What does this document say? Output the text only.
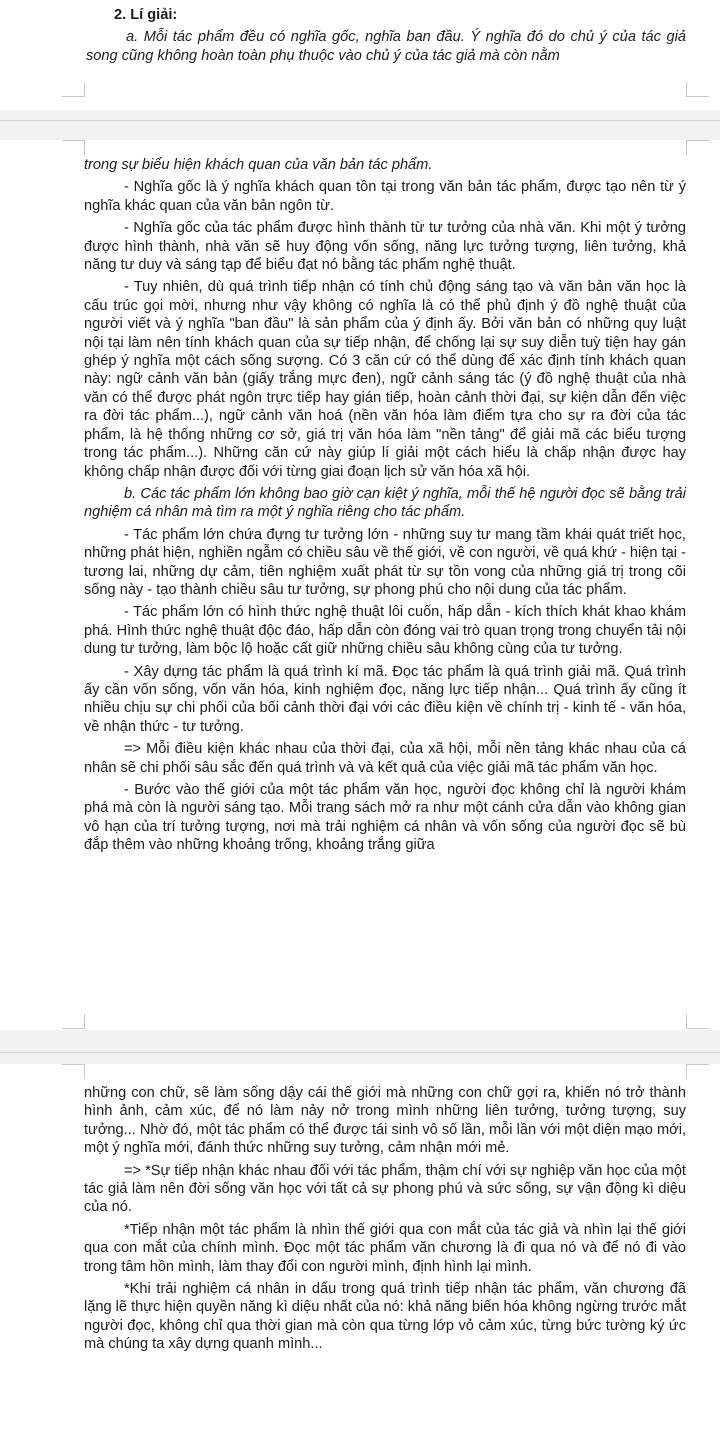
2. Lí giải:

a. Mỗi tác phẩm đều có nghĩa gốc, nghĩa ban đầu. Ý nghĩa đó do chủ ý của tác giả song cũng không hoàn toàn phụ thuộc vào chủ ý của tác giả mà còn nằm

trong sự biểu hiện khách quan của văn bản tác phẩm.

- Nghĩa gốc là ý nghĩa khách quan tồn tại trong văn bản tác phẩm, được tạo nên từ ý nghĩa khác quan của văn bản ngôn từ.

- Nghĩa gốc của tác phẩm được hình thành từ tư tưởng của nhà văn. Khi một ý tưởng được hình thành, nhà văn sẽ huy động vốn sống, năng lực tưởng tượng, liên tưởng, khả năng tư duy và sáng tạp để biểu đạt nó bằng tác phẩm nghệ thuật.

- Tuy nhiên, dù quá trình tiếp nhận có tính chủ động sáng tạo và văn bản văn học là cấu trúc gọi mời, nhưng như vậy không có nghĩa là có thể phủ định ý đồ nghệ thuật của người viết và ý nghĩa "ban đầu" là sản phẩm của ý định ấy. Bởi văn bản có những quy luật nội tại làm nên tính khách quan của sự tiếp nhận, để chống lại sự suy diễn tuỳ tiện hay gán ghép ý nghĩa một cách sống sượng. Có 3 căn cứ có thể dùng để xác định tính khách quan này: ngữ cảnh văn bản (giấy trắng mực đen), ngữ cảnh sáng tác (ý đồ nghệ thuật của nhà văn có thể được phát ngôn trực tiếp hay gián tiếp, hoàn cảnh thời đại, sự kiện dẫn đến việc ra đời tác phẩm...), ngữ cảnh văn hoá (nền văn hóa làm điểm tựa cho sự ra đời của tác phẩm, là hệ thống những cơ sở, giá trị văn hóa làm "nền tảng" để giải mã các biểu tượng trong tác phẩm...). Những căn cứ này giúp lí giải một cách hiểu là chấp nhận được hay không chấp nhận được đối với từng giai đoạn lịch sử văn hóa xã hội.

b. Các tác phẩm lớn không bao giờ cạn kiệt ý nghĩa, mỗi thế hệ người đọc sẽ bằng trải nghiệm cá nhân mà tìm ra một ý nghĩa riêng cho tác phẩm.

- Tác phẩm lớn chứa đựng tư tưởng lớn - những suy tư mang tầm khái quát triết học, những phát hiện, nghiền ngẫm có chiều sâu về thế giới, về con người, về quá khứ - hiện tại - tương lai, những dự cảm, tiên nghiệm xuất phát từ sự tồn vong của những giá trị trong cõi sống này - tạo thành chiều sâu tư tưởng, sự phong phú cho nội dung của tác phẩm.

- Tác phẩm lớn có hình thức nghệ thuật lôi cuốn, hấp dẫn - kích thích khát khao khám phá. Hình thức nghệ thuật độc đáo, hấp dẫn còn đóng vai trò quan trọng trong chuyển tải nội dung tư tưởng, làm bộc lộ hoặc cất giữ những chiều sâu không cùng của tư tưởng.

- Xây dựng tác phẩm là quá trình kí mã. Đọc tác phẩm là quá trình giải mã. Quá trình ấy cần vốn sống, vốn văn hóa, kinh nghiệm đọc, năng lực tiếp nhận... Quá trình ấy cũng ít nhiều chịu sự chi phối của bối cảnh thời đại với các điều kiện về chính trị - kinh tế - văn hóa, về nhận thức - tư tưởng.

=> Mỗi điều kiện khác nhau của thời đại, của xã hội, mỗi nền tảng khác nhau của cá nhân sẽ chi phối sâu sắc đến quá trình và và kết quả của việc giải mã tác phẩm văn học.

- Bước vào thế giới của một tác phẩm văn học, người đọc không chỉ là người khám phá mà còn là người sáng tạo. Mỗi trang sách mở ra như một cánh cửa dẫn vào không gian vô hạn của trí tưởng tượng, nơi mà trải nghiệm cá nhân và vốn sống của người đọc sẽ bù đắp thêm vào những khoảng trống, khoảng trắng giữa

những con chữ, sẽ làm sống dậy cái thế giới mà những con chữ gợi ra, khiến nó trở thành hình ảnh, cảm xúc, để nó làm nảy nở trong mình những liên tưởng, tưởng tượng, suy tưởng... Nhờ đó, một tác phẩm có thể được tái sinh vô số lần, mỗi lần với một diện mạo mới, một ý nghĩa mới, đánh thức những suy tưởng, cảm nhận mới mẻ.

=> *Sự tiếp nhận khác nhau đối với tác phẩm, thậm chí với sự nghiệp văn học của một tác giả làm nên đời sống văn học với tất cả sự phong phú và sức sống, sự vận động kì diệu của nó.

*Tiếp nhận một tác phẩm là nhìn thế giới qua con mắt của tác giả và nhìn lại thế giới qua con mắt của chính mình. Đọc một tác phẩm văn chương là đi qua nó và để nó đi vào trong tâm hồn mình, làm thay đổi con người mình, định hình lại mình.

*Khi trải nghiệm cá nhân in dấu trong quá trình tiếp nhận tác phẩm, văn chương đã lặng lẽ thực hiện quyền năng kì diệu nhất của nó: khả năng biến hóa không ngừng trước mắt người đọc, không chỉ qua thời gian mà còn qua từng lớp vỏ cảm xúc, từng bức tường ký ức mà chúng ta xây dựng quanh mình...
